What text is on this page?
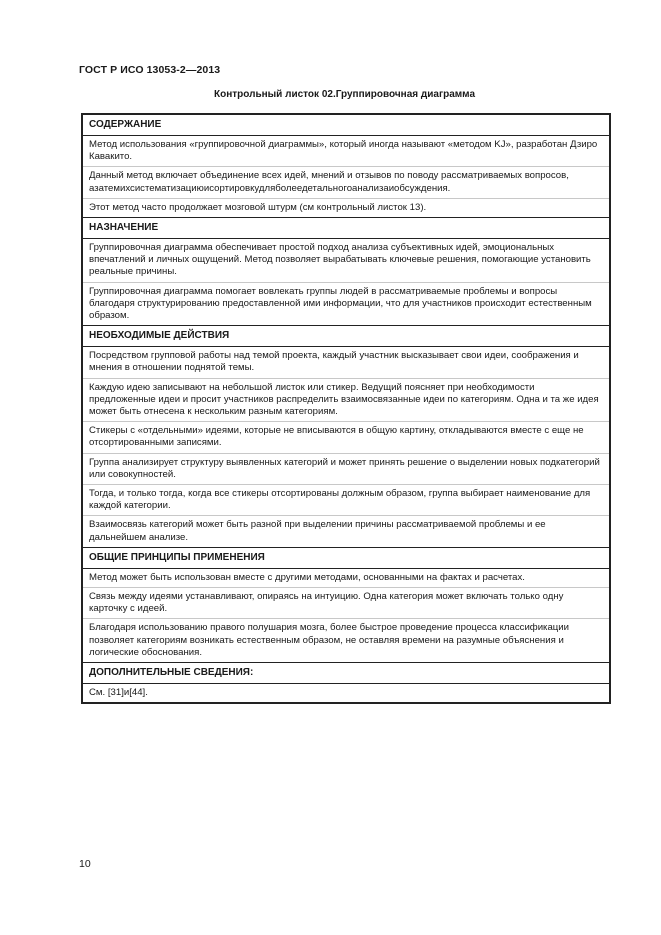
ГОСТ Р ИСО 13053-2—2013
Контрольный листок 02.Группировочная диаграмма
СОДЕРЖАНИЕ
Метод использования «группировочной диаграммы», который иногда называют «методом KJ», разработан Дзиро Кавакито.
Данный метод включает объединение всех идей, мнений и отзывов по поводу рассматриваемых вопросов, азатемихсистематизациюисортировкудляболеедетальногоанализаиобсуждения.
Этот метод часто продолжает мозговой штурм (см контрольный листок 13).
НАЗНАЧЕНИЕ
Группировочная диаграмма обеспечивает простой подход анализа субъективных идей, эмоциональных впечатлений и личных ощущений. Метод позволяет вырабатывать ключевые решения, помогающие установить реальные причины.
Группировочная диаграмма помогает вовлекать группы людей в рассматриваемые проблемы и вопросы благодаря структурированию предоставленной ими информации, что для участников происходит естественным образом.
НЕОБХОДИМЫЕ ДЕЙСТВИЯ
Посредством групповой работы над темой проекта, каждый участник высказывает свои идеи, соображения и мнения в отношении поднятой темы.
Каждую идею записывают на небольшой листок или стикер. Ведущий поясняет при необходимости предложенные идеи и просит участников распределить взаимосвязанные идеи по категориям. Одна и та же идея может быть отнесена к нескольким разным категориям.
Стикеры с «отдельными» идеями, которые не вписываются в общую картину, откладываются вместе с еще не отсортированными записями.
Группа анализирует структуру выявленных категорий и может принять решение о выделении новых подкатегорий или совокупностей.
Тогда, и только тогда, когда все стикеры отсортированы должным образом, группа выбирает наименование для каждой категории.
Взаимосвязь категорий может быть разной при выделении причины рассматриваемой проблемы и ее дальнейшем анализе.
ОБЩИЕ ПРИНЦИПЫ ПРИМЕНЕНИЯ
Метод может быть использован вместе с другими методами, основанными на фактах и расчетах.
Связь между идеями устанавливают, опираясь на интуицию. Одна категория может включать только одну карточку с идеей.
Благодаря использованию правого полушария мозга, более быстрое проведение процесса классификации позволяет категориям возникать естественным образом, не оставляя времени на разумные объяснения и логические обоснования.
ДОПОЛНИТЕЛЬНЫЕ СВЕДЕНИЯ:
См. [31]и[44].
10
